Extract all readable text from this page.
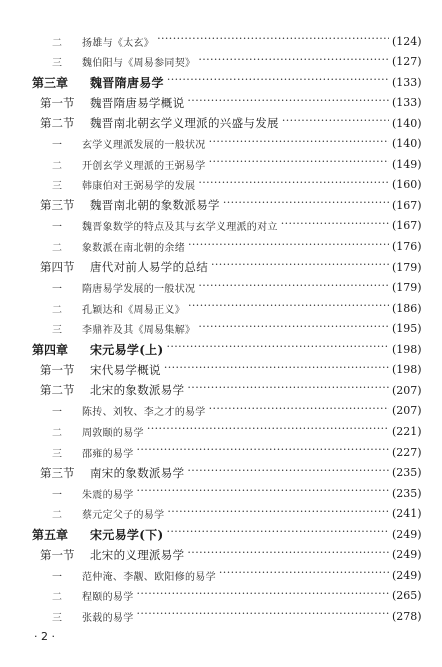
二	扬雄与《太玄》 ·····	(124)
三	魏伯阳与《周易参同契》 ·····	(127)
第三章	魏晋隋唐易学 ·····	(133)
第一节	魏晋隋唐易学概说 ·····	(133)
第二节	魏晋南北朝玄学义理派的兴盛与发展 ·····	(140)
一	玄学义理派发展的一般状况 ·····	(140)
二	开创玄学义理派的王弼易学 ·····	(149)
三	韩康伯对王弼易学的发展 ·····	(160)
第三节	魏晋南北朝的象数派易学 ·····	(167)
一	魏晋象数学的特点及其与玄学义理派的对立 ·····	(167)
二	象数派在南北朝的余绪 ·····	(176)
第四节	唐代对前人易学的总结 ·····	(179)
一	隋唐易学发展的一般状况 ·····	(179)
二	孔颖达和《周易正义》 ·····	(186)
三	李鼎祚及其《周易集解》 ·····	(195)
第四章	宋元易学(上) ·····	(198)
第一节	宋代易学概说 ·····	(198)
第二节	北宋的象数派易学 ·····	(207)
一	陈抟、刘牧、李之才的易学 ·····	(207)
二	周敦颐的易学 ·····	(221)
三	邵雍的易学 ·····	(227)
第三节	南宋的象数派易学 ·····	(235)
一	朱震的易学 ·····	(235)
二	蔡元定父子的易学 ·····	(241)
第五章	宋元易学(下) ·····	(249)
第一节	北宋的义理派易学 ·····	(249)
一	范仲淹、李觏、欧阳修的易学 ·····	(249)
二	程颐的易学 ·····	(265)
三	张载的易学 ·····	(278)
· 2 ·
